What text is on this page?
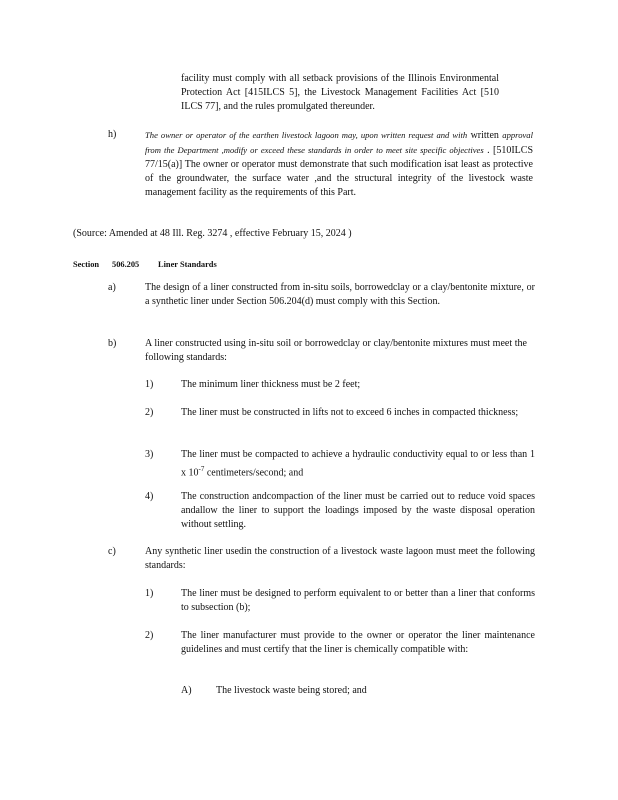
facility must comply with all setback provisions of the Illinois Environmental Protection Act [415ILCS 5], the Livestock Management Facilities Act [510 ILCS 77], and the rules promulgated thereunder.

h)	The owner or operator of the earthen livestock lagoon may, upon written request and with written approval from the Department ,modify or exceed these standards in order to meet site specific objectives . [510ILCS 77/15(a)] The owner or operator must demonstrate that such modification isat least as protective of the groundwater, the surface water ,and the structural integrity of the livestock waste management facility as the requirements of this Part.

(Source: Amended at 48 Ill. Reg. 3274 , effective February 15, 2024 )

Section 506.205 Liner Standards

a)	The design of a liner constructed from in-situ soils, borrowedclay or a clay/bentonite mixture, or a synthetic liner under Section 506.204(d) must comply with this Section.

b)	A liner constructed using in-situ soil or borrowedclay or clay/bentonite mixtures must meet the following standards:

1)	The minimum liner thickness must be 2 feet;

2)	The liner must be constructed in lifts not to exceed 6 inches in compacted thickness;

3)	The liner must be compacted to achieve a hydraulic conductivity equal to or less than 1 x $10^{-7}$ centimeters/second; and

4)	The construction andcompaction of the liner must be carried out to reduce void spaces andallow the liner to support the loadings imposed by the waste disposal operation without settling.

c)	Any synthetic liner usedin the construction of a livestock waste lagoon must meet the following standards:

1)	The liner must be designed to perform equivalent to or better than a liner that conforms to subsection (b);

2)	The liner manufacturer must provide to the owner or operator the liner maintenance guidelines and must certify that the liner is chemically compatible with:

A) The livestock waste being stored; and
